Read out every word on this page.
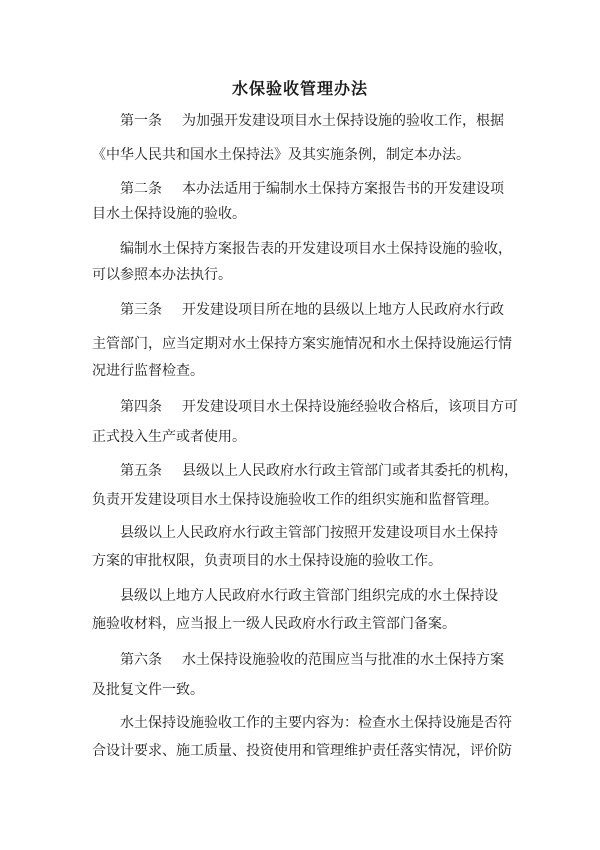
水保验收管理办法

第一条 为加强开发建设项目水土保持设施的验收工作，根据

《中华人民共和国水土保持法》及其实施条例，制定本办法。

第二条 本办法适用于编制水土保持方案报告书的开发建设项

目水土保持设施的验收。

编制水土保持方案报告表的开发建设项目水土保持设施的验收，

可以参照本办法执行。

第三条 开发建设项目所在地的县级以上地方人民政府水行政

主管部门，应当定期对水土保持方案实施情况和水土保持设施运行情

况进行监督检查。

第四条 开发建设项目水土保持设施经验收合格后，该项目方可

正式投入生产或者使用。

第五条 县级以上人民政府水行政主管部门或者其委托的机构，

负责开发建设项目水土保持设施验收工作的组织实施和监督管理。

县级以上人民政府水行政主管部门按照开发建设项目水土保持

方案的审批权限，负责项目的水土保持设施的验收工作。

县级以上地方人民政府水行政主管部门组织完成的水土保持设

施验收材料，应当报上一级人民政府水行政主管部门备案。

第六条 水土保持设施验收的范围应当与批准的水土保持方案

及批复文件一致。

水土保持设施验收工作的主要内容为：检查水土保持设施是否符

合设计要求、施工质量、投资使用和管理维护责任落实情况，评价防
